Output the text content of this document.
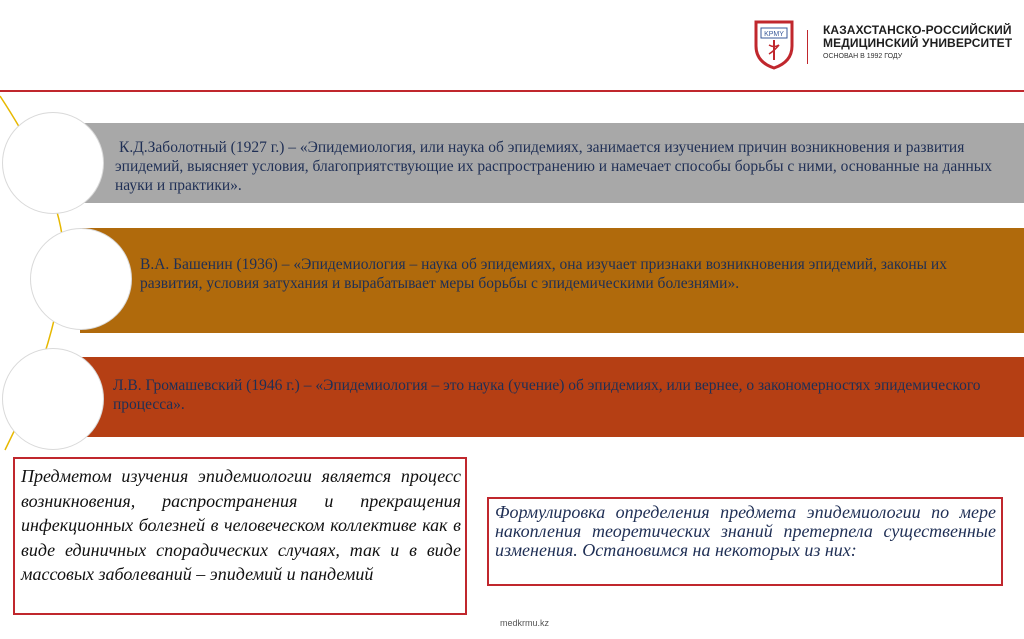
KPMY	КАЗАХСТАНСКО-РОССИЙСКИЙ
МЕДИЦИНСКИЙ УНИВЕРСИТЕТ
ОСНОВАН В 1992 ГОДУ
К.Д.Заболотный (1927 г.) – «Эпидемиология, или наука об эпидемиях, занимается изучением причин возникновения и развития эпидемий, выясняет условия, благоприятствующие их распространению и намечает способы борьбы с ними, основанные на данных науки и практики».
В.А. Башенин (1936) – «Эпидемиология – наука об эпидемиях, она изучает признаки возникновения эпидемий, законы их развития, условия затухания и вырабатывает меры борьбы с эпидемическими болезнями».
Л.В. Громашевский (1946 г.) – «Эпидемиология – это наука (учение) об эпидемиях, или вернее, о закономерностях эпидемического процесса».
Предметом изучения эпидемиологии является процесс возникновения, распространения и прекращения инфекционных болезней в человеческом коллективе как в виде единичных спорадических случаях, так и в виде массовых заболеваний – эпидемий и пандемий
Формулировка определения предмета эпидемиологии по мере накопления теоретических знаний претерпела существенные изменения. Остановимся на некоторых из них:
medkrmu.kz
